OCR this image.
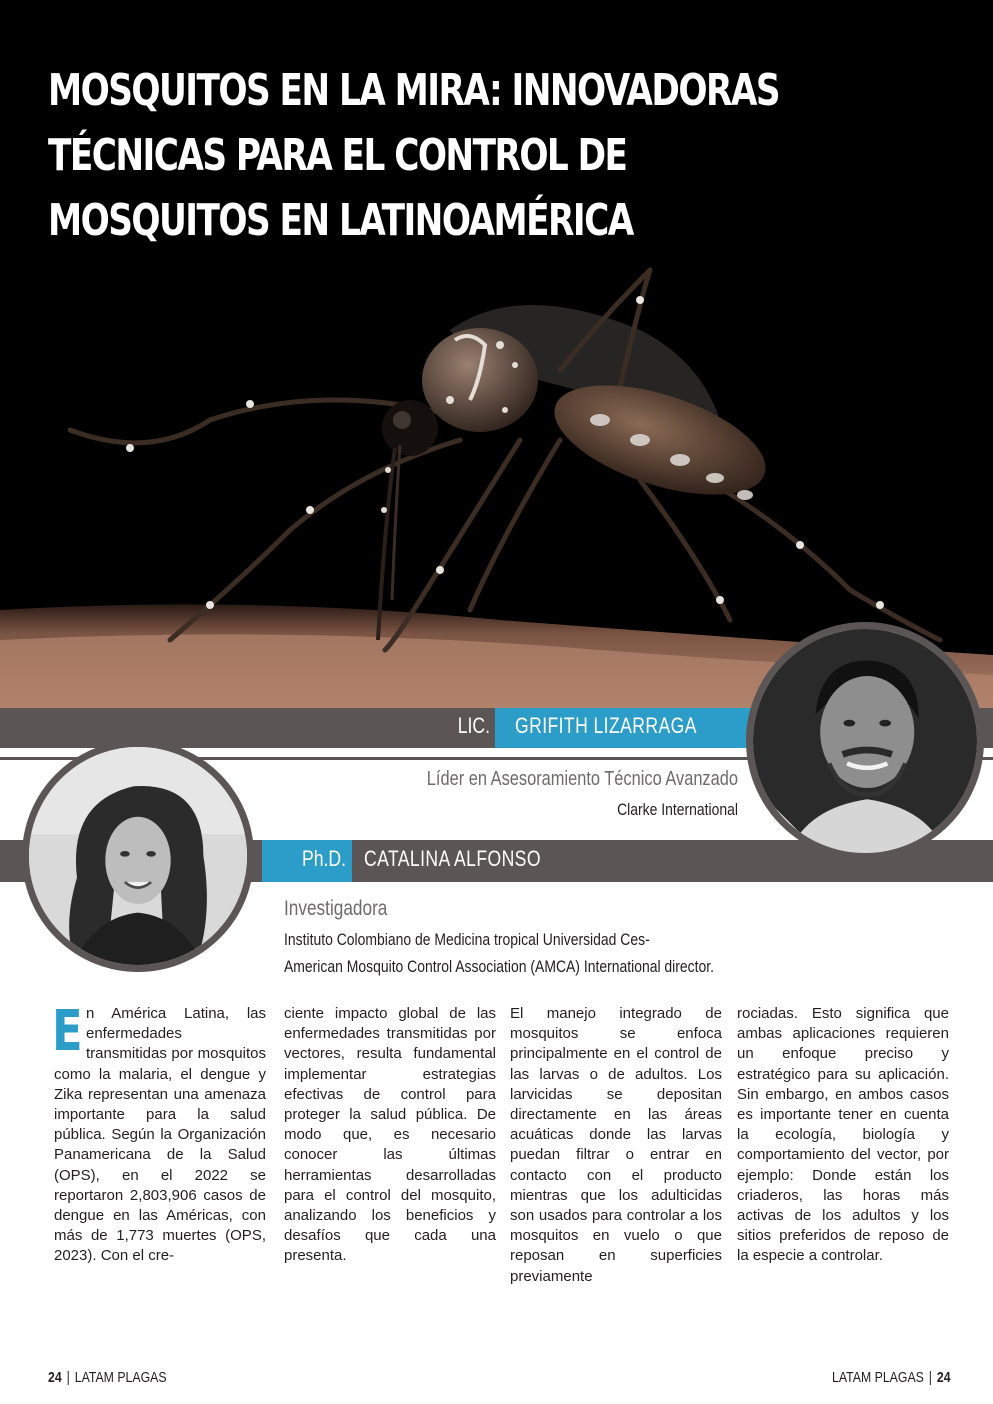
MOSQUITOS EN LA MIRA: INNOVADORAS
TÉCNICAS PARA EL CONTROL DE
MOSQUITOS EN LATINOAMÉRICA
LIC. GRIFITH LIZARRAGA
Líder en Asesoramiento Técnico Avanzado
Clarke International
Ph.D. CATALINA ALFONSO
Investigadora
Instituto Colombiano de Medicina tropical Universidad Ces-
American Mosquito Control Association (AMCA) International director.
E n América Latina, las enfermedades transmitidas por mosquitos como la malaria, el dengue y Zika representan una amenaza importante para la salud pública. Según la Organización Panamericana de la Salud (OPS), en el 2022 se reportaron 2,803,906 casos de dengue en las Américas, con más de 1,773 muertes (OPS, 2023). Con el cre-

ciente impacto global de las enfermedades transmitidas por vectores, resulta fundamental implementar estrategias efectivas de control para proteger la salud pública. De modo que, es necesario conocer las últimas herramientas desarrolladas para el control del mosquito, analizando los beneficios y desafíos que cada una presenta.

El manejo integrado de mosquitos se enfoca principalmente en el control de las larvas o de adultos. Los larvicidas se depositan directamente en las áreas acuáticas donde las larvas puedan filtrar o entrar en contacto con el producto mientras que los adulticidas son usados para controlar a los mosquitos en vuelo o que reposan en superficies previamente

rociadas. Esto significa que ambas aplicaciones requieren un enfoque preciso y estratégico para su aplicación. Sin embargo, en ambos casos es importante tener en cuenta la ecología, biología y comportamiento del vector, por ejemplo: Donde están los criaderos, las horas más activas de los adultos y los sitios preferidos de reposo de la especie a controlar.

24 | LATAM PLAGAS	LATAM PLAGAS | 24
